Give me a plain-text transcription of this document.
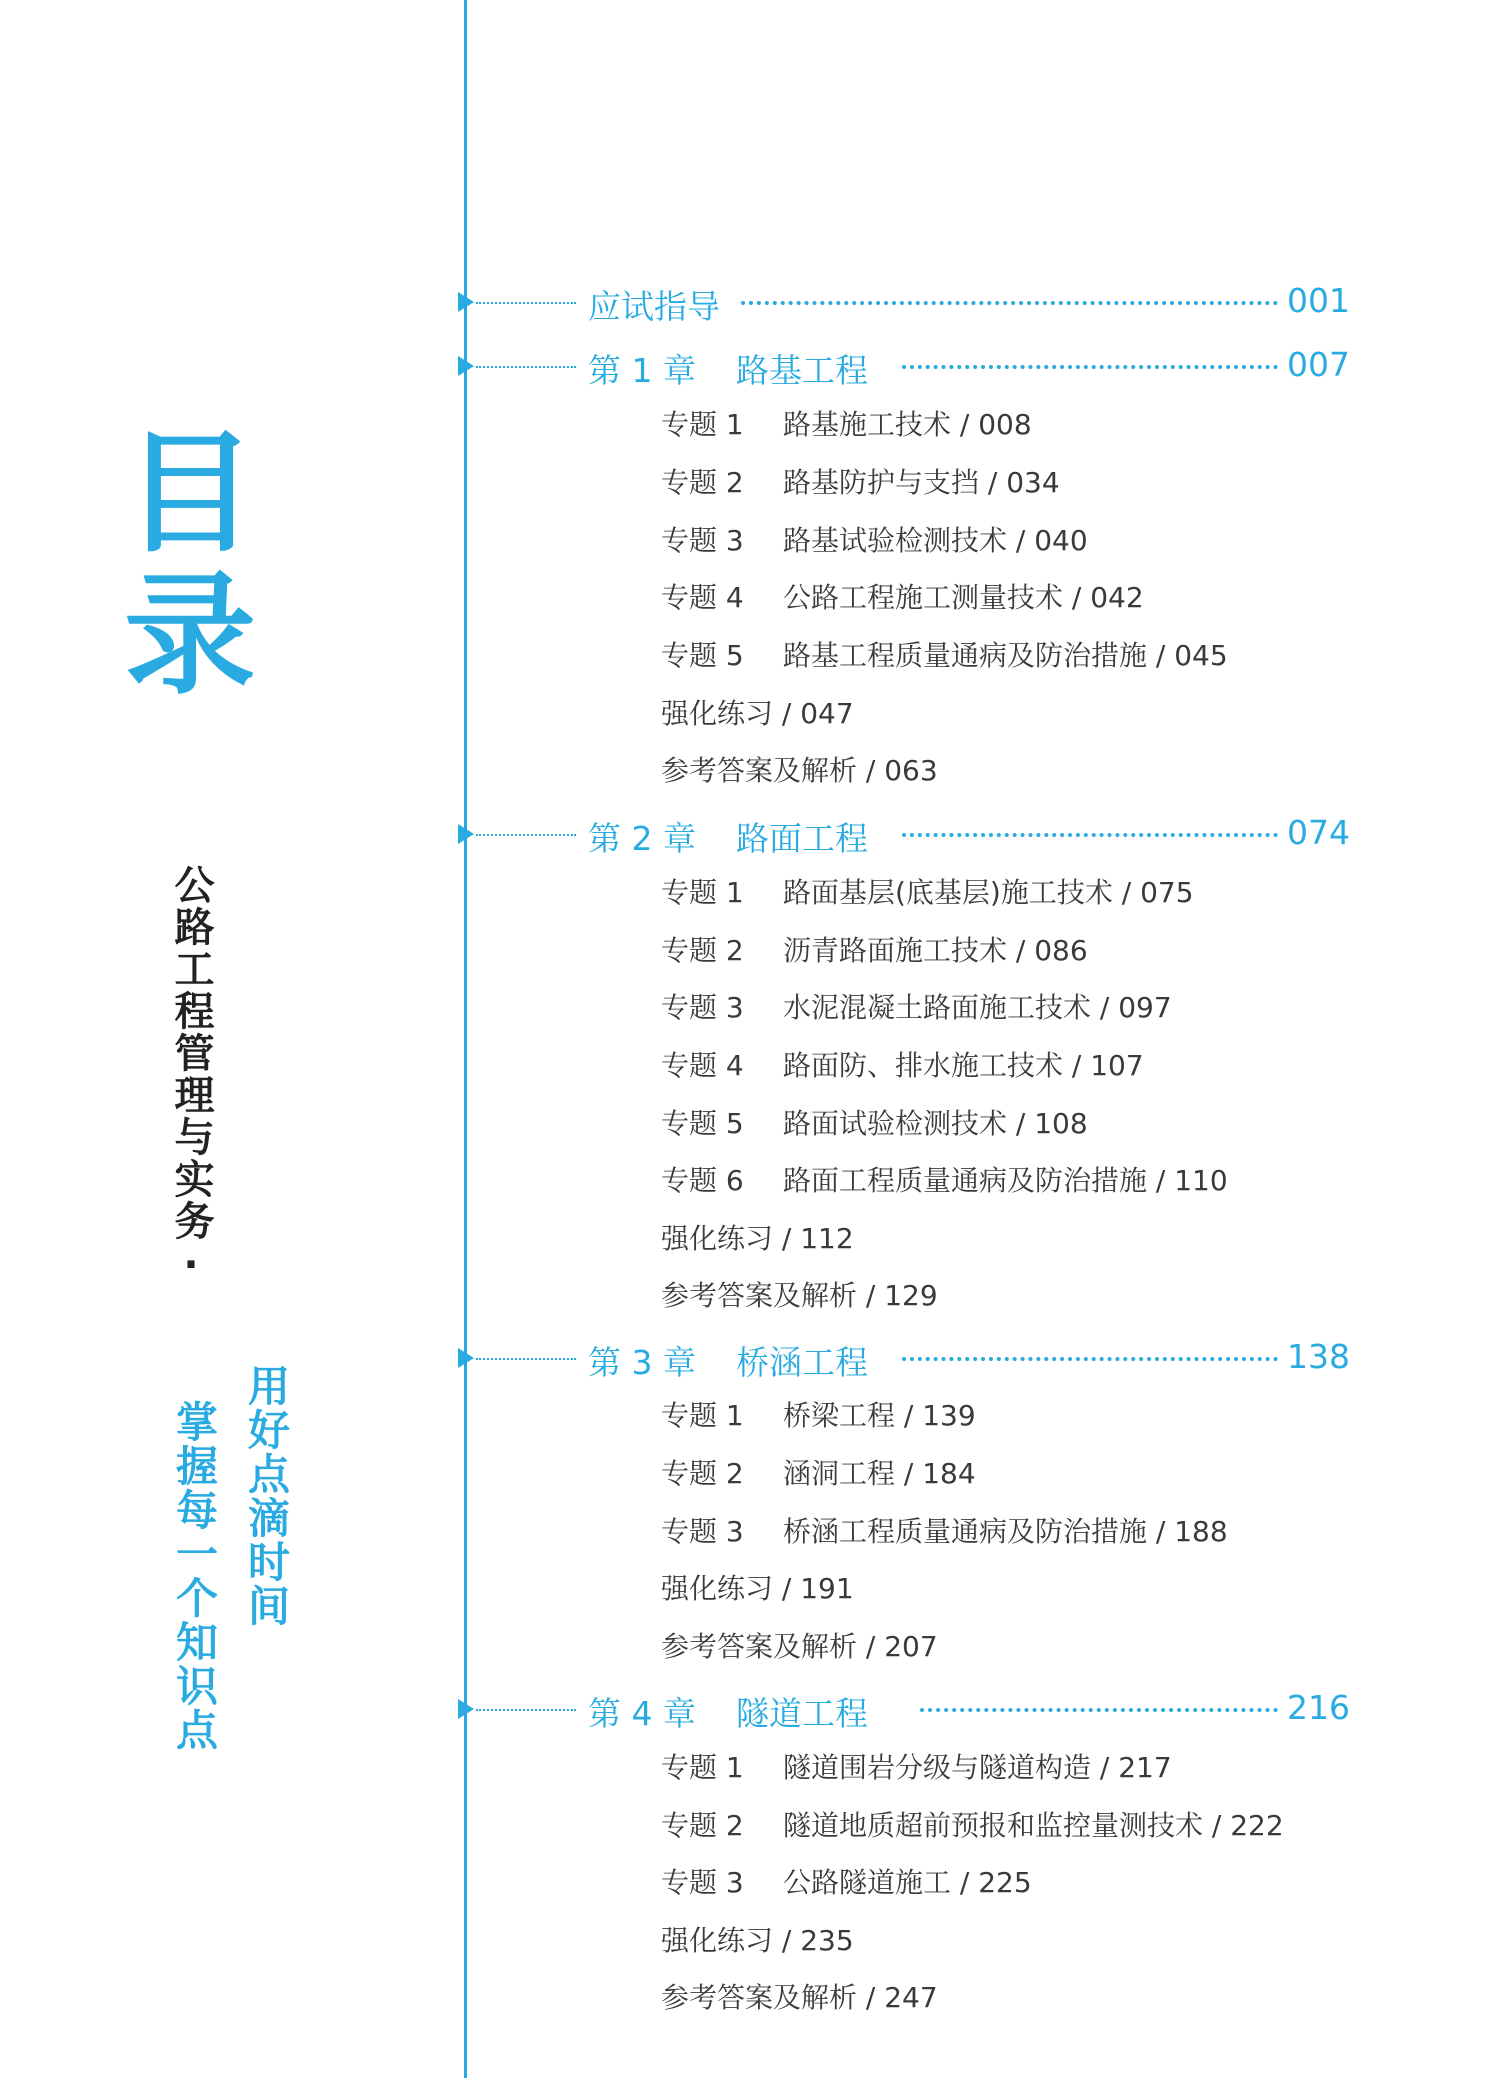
目
录
公路工程管理与实务·
用好点滴时间
掌握每一个知识点
应试指导	001
第 1 章 路基工程	007
专题 1 路基施工技术 / 008
专题 2 路基防护与支挡 / 034
专题 3 路基试验检测技术 / 040
专题 4 公路工程施工测量技术 / 042
专题 5 路基工程质量通病及防治措施 / 045
强化练习 / 047
参考答案及解析 / 063
第 2 章 路面工程	074
专题 1 路面基层(底基层)施工技术 / 075
专题 2 沥青路面施工技术 / 086
专题 3 水泥混凝土路面施工技术 / 097
专题 4 路面防、排水施工技术 / 107
专题 5 路面试验检测技术 / 108
专题 6 路面工程质量通病及防治措施 / 110
强化练习 / 112
参考答案及解析 / 129
第 3 章 桥涵工程	138
专题 1 桥梁工程 / 139
专题 2 涵洞工程 / 184
专题 3 桥涵工程质量通病及防治措施 / 188
强化练习 / 191
参考答案及解析 / 207
第 4 章 隧道工程	216
专题 1 隧道围岩分级与隧道构造 / 217
专题 2 隧道地质超前预报和监控量测技术 / 222
专题 3 公路隧道施工 / 225
强化练习 / 235
参考答案及解析 / 247
